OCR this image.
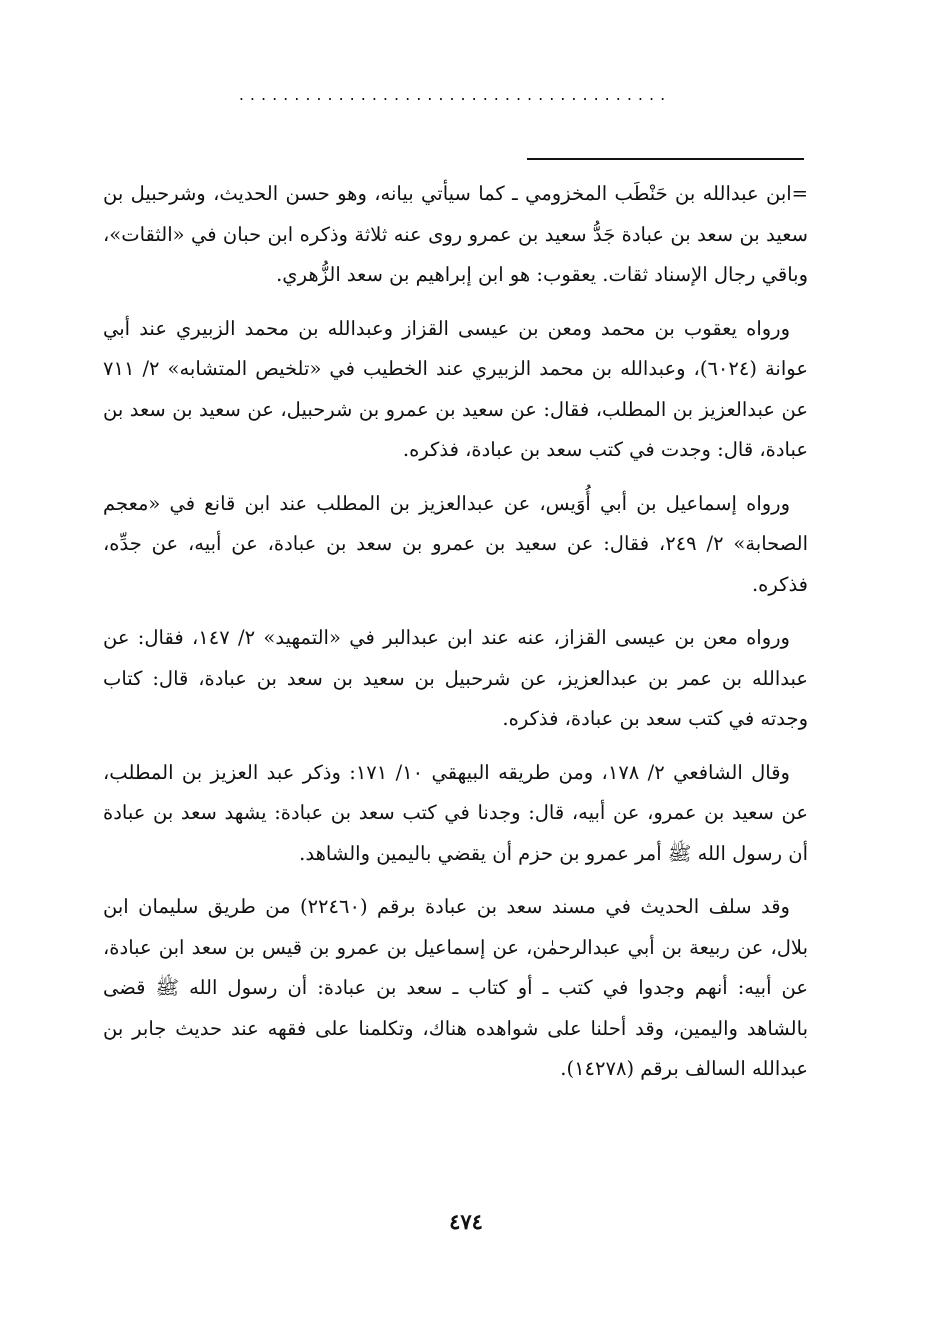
.......................................

=ابن عبدالله بن حَنْطَب المخزومي ـ كما سيأتي بيانه، وهو حسن الحديث، وشرحبيل بن سعيد بن سعد بن عبادة جَدُّ سعيد بن عمرو روى عنه ثلاثة وذكره ابن حبان في «الثقات»، وباقي رجال الإسناد ثقات. يعقوب: هو ابن إبراهيم بن سعد الزُّهري.

ورواه يعقوب بن محمد ومعن بن عيسى القزاز وعبدالله بن محمد الزبيري عند أبي عوانة (٦٠٢٤)، وعبدالله بن محمد الزبيري عند الخطيب في «تلخيص المتشابه» ٢/ ٧١١ عن عبدالعزيز بن المطلب، فقال: عن سعيد بن عمرو بن شرحبيل، عن سعيد بن سعد بن عبادة، قال: وجدت في كتب سعد بن عبادة، فذكره.

ورواه إسماعيل بن أبي أُوَيس، عن عبدالعزيز بن المطلب عند ابن قانع في «معجم الصحابة» ٢/ ٢٤٩، فقال: عن سعيد بن عمرو بن سعد بن عبادة، عن أبيه، عن جدِّه، فذكره.

ورواه معن بن عيسى القزاز، عنه عند ابن عبدالبر في «التمهيد» ٢/ ١٤٧، فقال: عن عبدالله بن عمر بن عبدالعزيز، عن شرحبيل بن سعيد بن سعد بن عبادة، قال: كتاب وجدته في كتب سعد بن عبادة، فذكره.

وقال الشافعي ٢/ ١٧٨، ومن طريقه البيهقي ١٠/ ١٧١: وذكر عبد العزيز بن المطلب، عن سعيد بن عمرو، عن أبيه، قال: وجدنا في كتب سعد بن عبادة: يشهد سعد بن عبادة أن رسول الله ﷺ أمر عمرو بن حزم أن يقضي باليمين والشاهد.

وقد سلف الحديث في مسند سعد بن عبادة برقم (٢٢٤٦٠) من طريق سليمان ابن بلال، عن ربيعة بن أبي عبدالرحمٰن، عن إسماعيل بن عمرو بن قيس بن سعد ابن عبادة، عن أبيه: أنهم وجدوا في كتب ـ أو كتاب ـ سعد بن عبادة: أن رسول الله ﷺ قضى بالشاهد واليمين، وقد أحلنا على شواهده هناك، وتكلمنا على فقهه عند حديث جابر بن عبدالله السالف برقم (١٤٢٧٨).

٤٧٤
